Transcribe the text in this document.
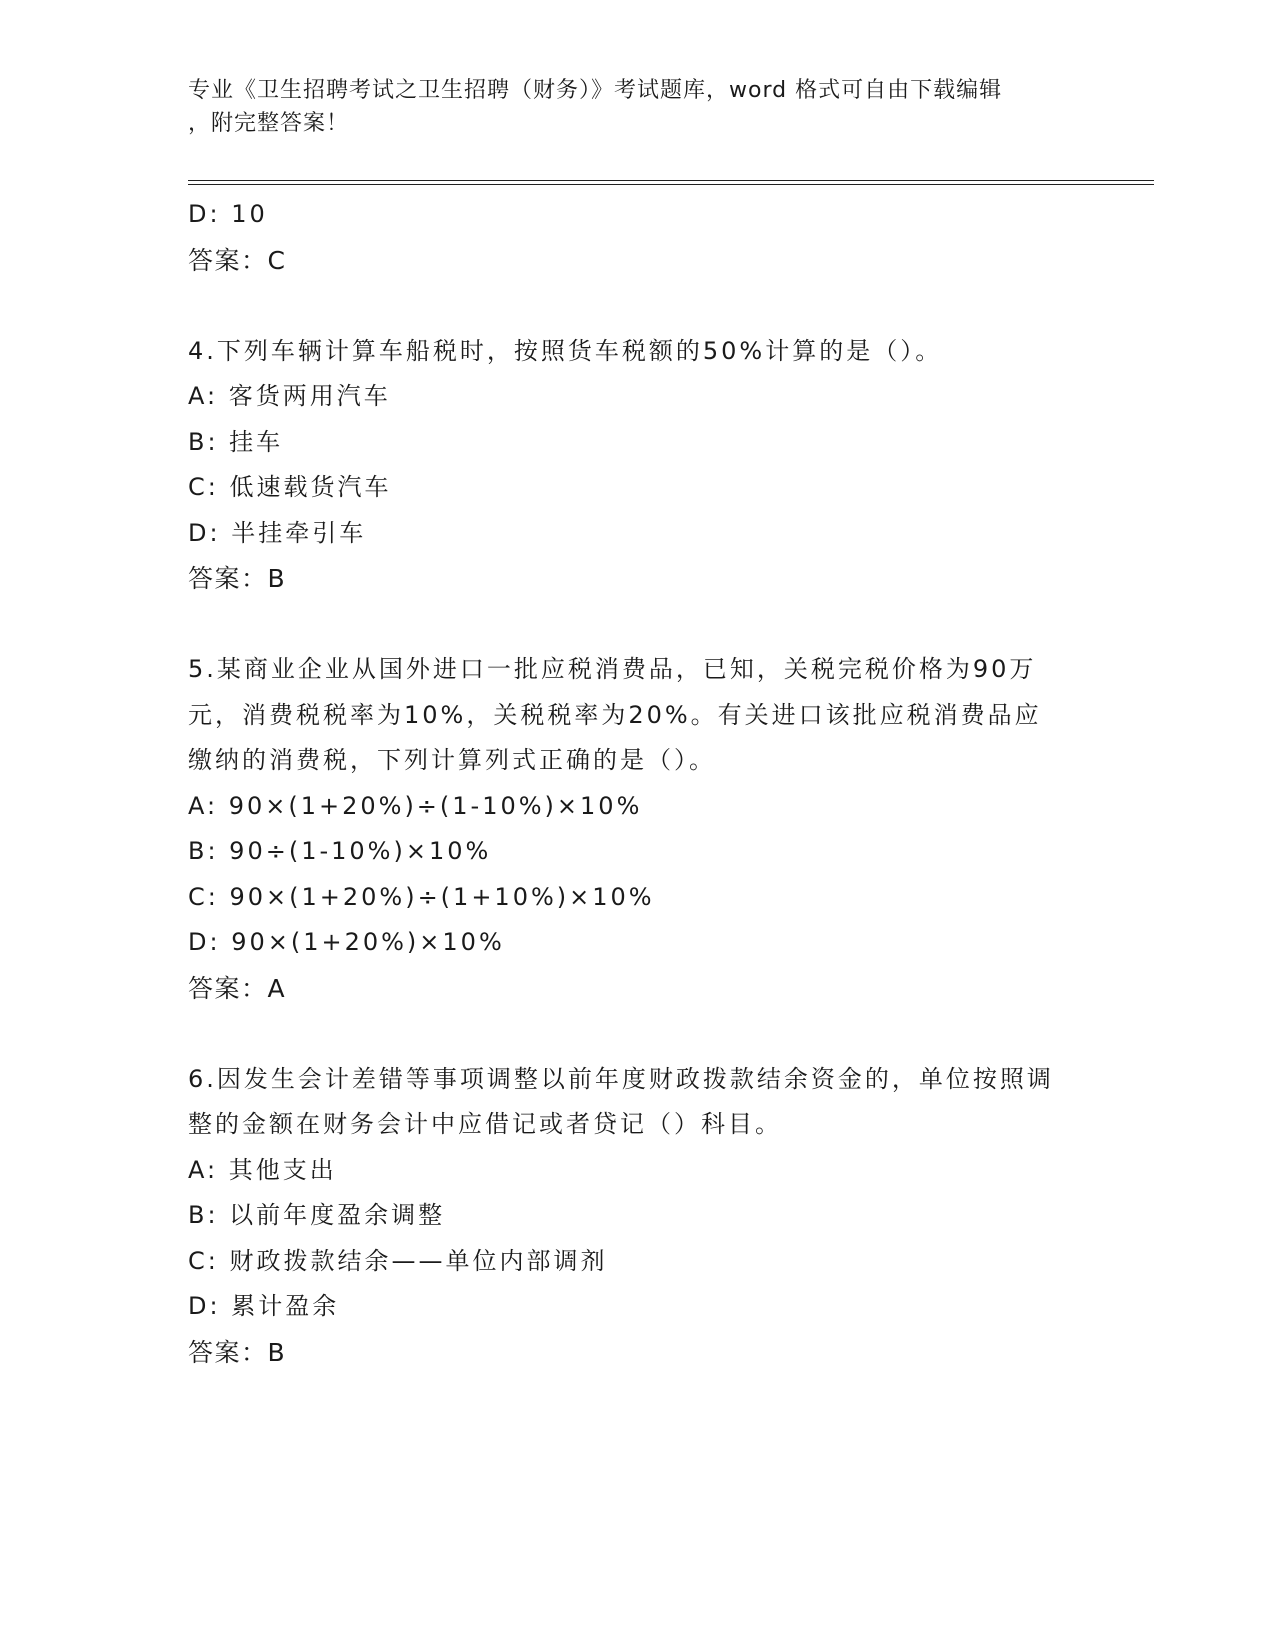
专业《卫生招聘考试之卫生招聘（财务）》考试题库，word 格式可自由下载编辑
，附完整答案！
D: 10
答案：C
4.下列车辆计算车船税时，按照货车税额的50%计算的是（）。
A: 客货两用汽车
B: 挂车
C: 低速载货汽车
D: 半挂牵引车
答案：B
5.某商业企业从国外进口一批应税消费品，已知，关税完税价格为90万元，消费税税率为10%，关税税率为20%。有关进口该批应税消费品应缴纳的消费税，下列计算列式正确的是（）。
A: 90×(1+20%)÷(1-10%)×10%
B: 90÷(1-10%)×10%
C: 90×(1+20%)÷(1+10%)×10%
D: 90×(1+20%)×10%
答案：A
6.因发生会计差错等事项调整以前年度财政拨款结余资金的，单位按照调整的金额在财务会计中应借记或者贷记（）科目。
A: 其他支出
B: 以前年度盈余调整
C: 财政拨款结余——单位内部调剂
D: 累计盈余
答案：B
